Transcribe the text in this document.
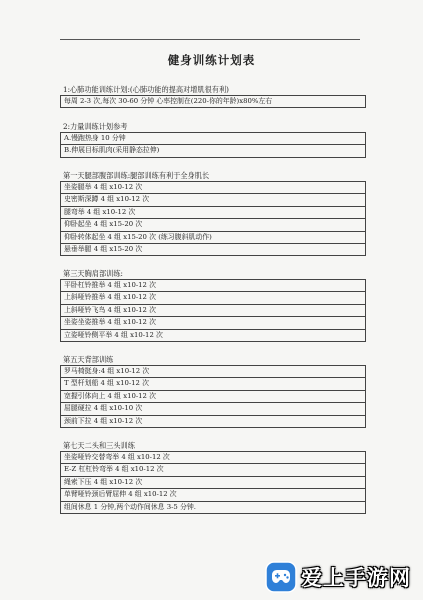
健身训练计划表
1:心肺功能训练计划:(心肺功能的提高对增肌很有利)
每周 2-3 次,每次 30-60 分钟 心率控制在(220-你的年龄)x80%左右
2:力量训练计划参考
A.慢跑热身 10 分钟
B.伸展目标肌肉(采用静态拉伸)
第一天腿部腹部训练:腿部训练有利于全身肌长
坐姿腿举 4 组 x10-12 次
史密斯深蹲 4 组 x10-12 次
腿弯举 4 组 x10-12 次
仰卧起坐 4 组 x15-20 次
仰卧转体起坐 4 组 x15-20 次 (练习腹斜肌动作)
悬垂举腿 4 组 x15-20 次
第三天胸肩部训练:
平卧杠铃推举 4 组 x10-12 次
上斜哑铃推举 4 组 x10-12 次
上斜哑铃飞鸟 4 组 x10-12 次
坐姿坐姿推举 4 组 x10-12 次
立姿哑铃侧平举 4 组 x10-12 次
第五天背部训练
罗马椅挺身:4 组 x10-12 次
T 型杆划船 4 组 x10-12 次
宽握引体向上 4 组 x10-12 次
屈腿硬拉 4 组 x10-10 次
颈前下拉 4 组 x10-12 次
第七天二头和三头训练
坐姿哑铃交替弯举 4 组 x10-12 次
E-Z 杠杠铃弯举 4 组 x10-12 次
绳索下压 4 组 x10-12 次
单臂哑铃颈后臂屈伸 4 组 x10-12 次
组间休息 1 分钟,两个动作间休息 3-5 分钟.
爱上手游网
